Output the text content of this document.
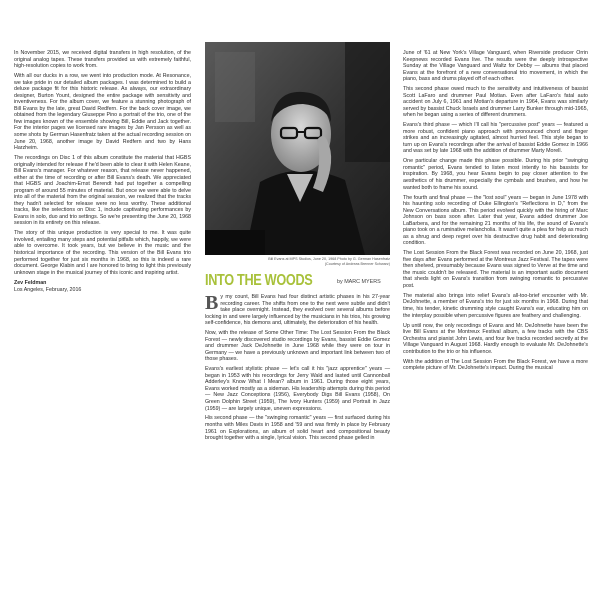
In November 2015, we received digital transfers in high resolution, of the original analog tapes. These transfers provided us with extremely faithful, high-resolution copies to work from.

With all our ducks in a row, we went into production mode. At Resonance, we take pride in our detailed album packages. I was determined to build a deluxe package fit for this historic release. As always, our extraordinary designer, Burton Yount, designed the entire package with sensitivity and inventiveness. For the album cover, we feature a stunning photograph of Bill Evans by the late, great David Redfern. For the back cover image, we obtained from the legendary Giuseppe Pino a portrait of the trio, one of the few images known of the ensemble showing Bill, Eddie and Jack together. For the interior pages we licensed rare images by Jan Persson as well as some shots by German Hasenfratz taken at the actual recording session on June 20, 1968, another image by David Redfern and two by Hans Harzheim.

The recordings on Disc 1 of this album constitute the material that HGBS originally intended for release if he'd been able to clear it with Helen Keane, Bill Evans's manager. For whatever reason, that release never happened, either at the time of recording or after Bill Evans's death. We appreciated that HGBS and Joachim-Ernst Berendt had put together a compelling program of around 55 minutes of material. But once we were able to delve into all of the material from the original session, we realized that the tracks they hadn't selected for release were no less worthy. These additional tracks, like the selections on Disc 1, include captivating performances by Evans in solo, duo and trio settings. So we're presenting the June 20, 1968 session in its entirety on this release.

The story of this unique production is very special to me. It was quite involved, entailing many steps and potential pitfalls which, happily, we were able to overcome. It took years, but we believe in the music and the historical importance of the recording. This version of the Bill Evans trio performed together for just six months in 1968, so this is indeed a rare document. George Klabin and I are honored to bring to light this previously unknown stage in the musical journey of this iconic and inspiring artist.

Zev Feldman
Los Angeles, February, 2016
Bill Evans at MPS Studios, June 20, 1968 Photo by G. German Hasenfratz
(Courtesy of Andreas Brenner Schwarz)
INTO THE WOODS	by MARC MYERS

By my count, Bill Evans had four distinct artistic phases in his 27-year recording career. The shifts from one to the next were subtle and didn't take place overnight. Instead, they evolved over several albums before locking in and were largely influenced by the musicians in his trios, his growing self-confidence, his demons and, ultimately, the deterioration of his health.

Now, with the release of Some Other Time: The Lost Session From the Black Forest — newly discovered studio recordings by Evans, bassist Eddie Gomez and drummer Jack DeJohnette in June 1968 while they were on tour in Germany — we have a previously unknown and important link between two of those phases.

Evans's earliest stylistic phase — let's call it his "jazz apprentice" years — began in 1953 with his recordings for Jerry Wald and lasted until Cannonball Adderley's Know What I Mean? album in 1961. During those eight years, Evans worked mostly as a sideman. His leadership attempts during this period — New Jazz Conceptions (1956), Everybody Digs Bill Evans (1958), On Green Dolphin Street (1959), The Ivory Hunters (1959) and Portrait in Jazz (1959) — are largely unique, uneven expressions.

His second phase — the "swinging romantic" years — first surfaced during his months with Miles Davis in 1958 and '59 and was firmly in place by February 1961 on Explorations, an album of solid heart and compositional beauty brought together with a single, lyrical vision. This second phase gelled in

June of '61 at New York's Village Vanguard, when Riverside producer Orrin Keepnews recorded Evans live. The results were the deeply introspective Sunday at the Village Vanguard and Waltz for Debby — albums that placed Evans at the forefront of a new conversational trio movement, in which the piano, bass and drums played off of each other.

This second phase owed much to the sensitivity and intuitiveness of bassist Scott LaFaro and drummer Paul Motian. Even after LaFaro's fatal auto accident on July 6, 1961 and Motian's departure in 1964, Evans was similarly served by bassist Chuck Israels and drummer Larry Bunker through mid-1965, when he began using a series of different drummers.

Evans's third phase — which I'll call his "percussive post" years — featured a more robust, confident piano approach with pronounced chord and finger strikes and an increasingly agitated, almost hurried feel. This style began to turn up on Evans's recordings after the arrival of bassist Eddie Gomez in 1966 and was set by late 1968 with the addition of drummer Marty Morell.

One particular change made this phase possible. During his prior "swinging romantic" period, Evans tended to listen most intently to his bassists for inspiration. By 1968, you hear Evans begin to pay closer attention to the aesthetics of his drummer, especially the cymbals and brushes, and how he wanted both to frame his sound.

The fourth and final phase — the "lost soul" years — began in June 1978 with his haunting solo recording of Duke Ellington's "Reflections in D," from the New Conversations album. This period evolved quickly with the hiring of Marc Johnson on bass soon after. Later that year, Evans added drummer Joe LaBarbera, and for the remaining 21 months of his life, the sound of Evans's piano took on a ruminative melancholia. It wasn't quite a plea for help as much as a shrug and deep regret over his destructive drug habit and deteriorating condition.

The Lost Session From the Black Forest was recorded on June 20, 1968, just five days after Evans performed at the Montreux Jazz Festival. The tapes were then shelved, presumably because Evans was signed to Verve at the time and the music couldn't be released. The material is an important audio document that sheds light on Evans's transition from swinging romantic to percussive post.

The material also brings into relief Evans's all-too-brief encounter with Mr. DeJohnette, a member of Evans's trio for just six months in 1968. During that time, his tender, kinetic drumming style caught Evans's ear, educating him on the interplay possible when percussive figures are feathery and challenging.

Up until now, the only recordings of Evans and Mr. DeJohnette have been the live Bill Evans at the Montreux Festival album, a few tracks with the CBS Orchestra and pianist John Lewis, and four live tracks recorded secretly at the Village Vanguard in August 1968. Hardly enough to evaluate Mr. DeJohnette's contribution to the trio or his influence.

With the addition of The Lost Session From the Black Forest, we have a more complete picture of Mr. DeJohnette's impact. During the musical
